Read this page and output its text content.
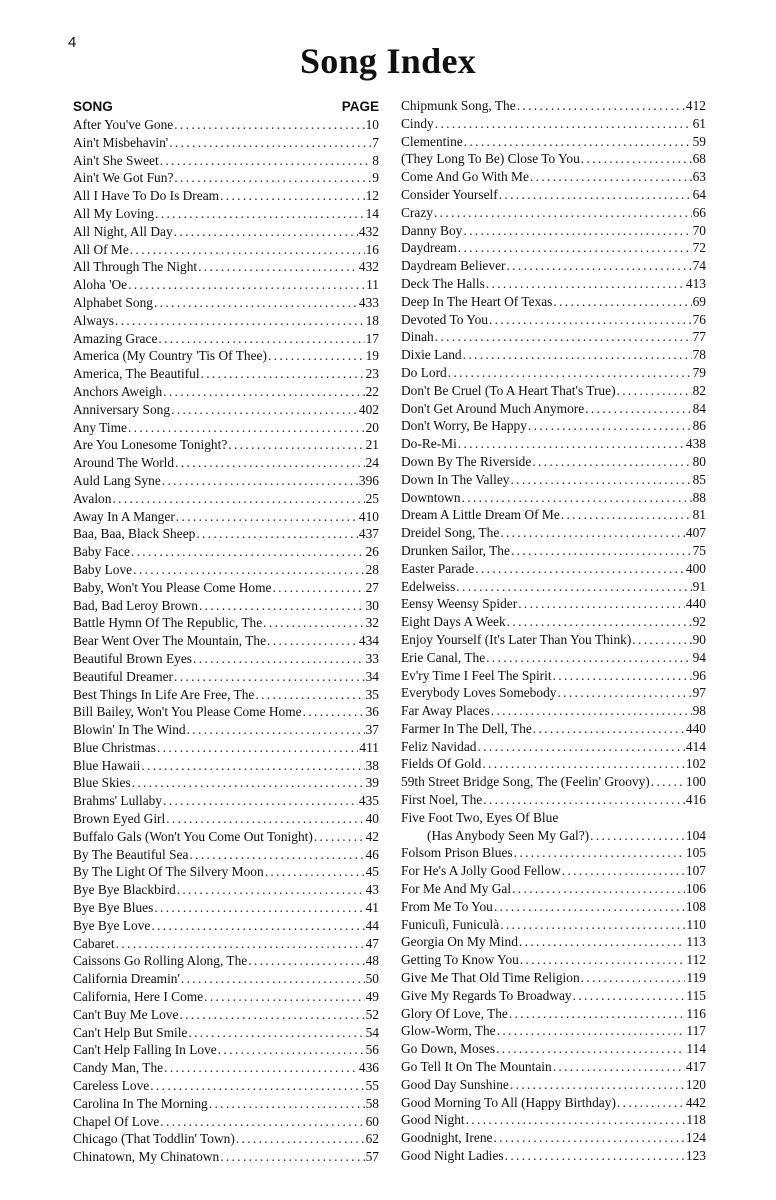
4	Song Index
SONG	PAGE
After You've Gone . . .	10
Ain't Misbehavin' . . .	7
Ain't She Sweet . . .	8
Ain't We Got Fun? . . .	9
All I Have To Do Is Dream . . .	12
All My Loving . . .	14
All Night, All Day . . .	432
All Of Me . . .	16
All Through The Night . . .	432
Aloha 'Oe . . .	11
Alphabet Song . . .	433
Always . . .	18
Amazing Grace . . .	17
America (My Country 'Tis Of Thee) . . .	19
America, The Beautiful . . .	23
Anchors Aweigh . . .	22
Anniversary Song . . .	402
Any Time . . .	20
Are You Lonesome Tonight? . . .	21
Around The World . . .	24
Auld Lang Syne . . .	396
Avalon . . .	25
Away In A Manger . . .	410
Baa, Baa, Black Sheep . . .	437
Baby Face . . .	26
Baby Love . . .	28
Baby, Won't You Please Come Home . . .	27
Bad, Bad Leroy Brown . . .	30
Battle Hymn Of The Republic, The . . .	32
Bear Went Over The Mountain, The . . .	434
Beautiful Brown Eyes . . .	33
Beautiful Dreamer . . .	34
Best Things In Life Are Free, The . . .	35
Bill Bailey, Won't You Please Come Home . . .	36
Blowin' In The Wind . . .	37
Blue Christmas . . .	411
Blue Hawaii . . .	38
Blue Skies . . .	39
Brahms' Lullaby . . .	435
Brown Eyed Girl . . .	40
Buffalo Gals (Won't You Come Out Tonight) . . .	42
By The Beautiful Sea . . .	46
By The Light Of The Silvery Moon . . .	45
Bye Bye Blackbird . . .	43
Bye Bye Blues . . .	41
Bye Bye Love . . .	44
Cabaret . . .	47
Caissons Go Rolling Along, The . . .	48
California Dreamin' . . .	50
California, Here I Come . . .	49
Can't Buy Me Love . . .	52
Can't Help But Smile . . .	54
Can't Help Falling In Love . . .	56
Candy Man, The . . .	436
Careless Love . . .	55
Carolina In The Morning . . .	58
Chapel Of Love . . .	60
Chicago (That Toddlin' Town) . . .	62
Chinatown, My Chinatown . . .	57
Chipmunk Song, The . . .	412
Cindy . . .	61
Clementine . . .	59
(They Long To Be) Close To You . . .	68
Come And Go With Me . . .	63
Consider Yourself . . .	64
Crazy . . .	66
Danny Boy . . .	70
Daydream . . .	72
Daydream Believer . . .	74
Deck The Halls . . .	413
Deep In The Heart Of Texas . . .	69
Devoted To You . . .	76
Dinah . . .	77
Dixie Land . . .	78
Do Lord . . .	79
Don't Be Cruel (To A Heart That's True) . . .	82
Don't Get Around Much Anymore . . .	84
Don't Worry, Be Happy . . .	86
Do-Re-Mi . . .	438
Down By The Riverside . . .	80
Down In The Valley . . .	85
Downtown . . .	88
Dream A Little Dream Of Me . . .	81
Dreidel Song, The . . .	407
Drunken Sailor, The . . .	75
Easter Parade . . .	400
Edelweiss . . .	91
Eensy Weensy Spider . . .	440
Eight Days A Week . . .	92
Enjoy Yourself (It's Later Than You Think) . . .	90
Erie Canal, The . . .	94
Ev'ry Time I Feel The Spirit . . .	96
Everybody Loves Somebody . . .	97
Far Away Places . . .	98
Farmer In The Dell, The . . .	440
Feliz Navidad . . .	414
Fields Of Gold . . .	102
59th Street Bridge Song, The (Feelin' Groovy) . . .	100
First Noel, The . . .	416
Five Foot Two, Eyes Of Blue
(Has Anybody Seen My Gal?) . . .	104
Folsom Prison Blues . . .	105
For He's A Jolly Good Fellow . . .	107
For Me And My Gal . . .	106
From Me To You . . .	108
Funiculì, Funiculà . . .	110
Georgia On My Mind . . .	113
Getting To Know You . . .	112
Give Me That Old Time Religion . . .	119
Give My Regards To Broadway . . .	115
Glory Of Love, The . . .	116
Glow-Worm, The . . .	117
Go Down, Moses . . .	114
Go Tell It On The Mountain . . .	417
Good Day Sunshine . . .	120
Good Morning To All (Happy Birthday) . . .	442
Good Night . . .	118
Goodnight, Irene . . .	124
Good Night Ladies . . .	123
